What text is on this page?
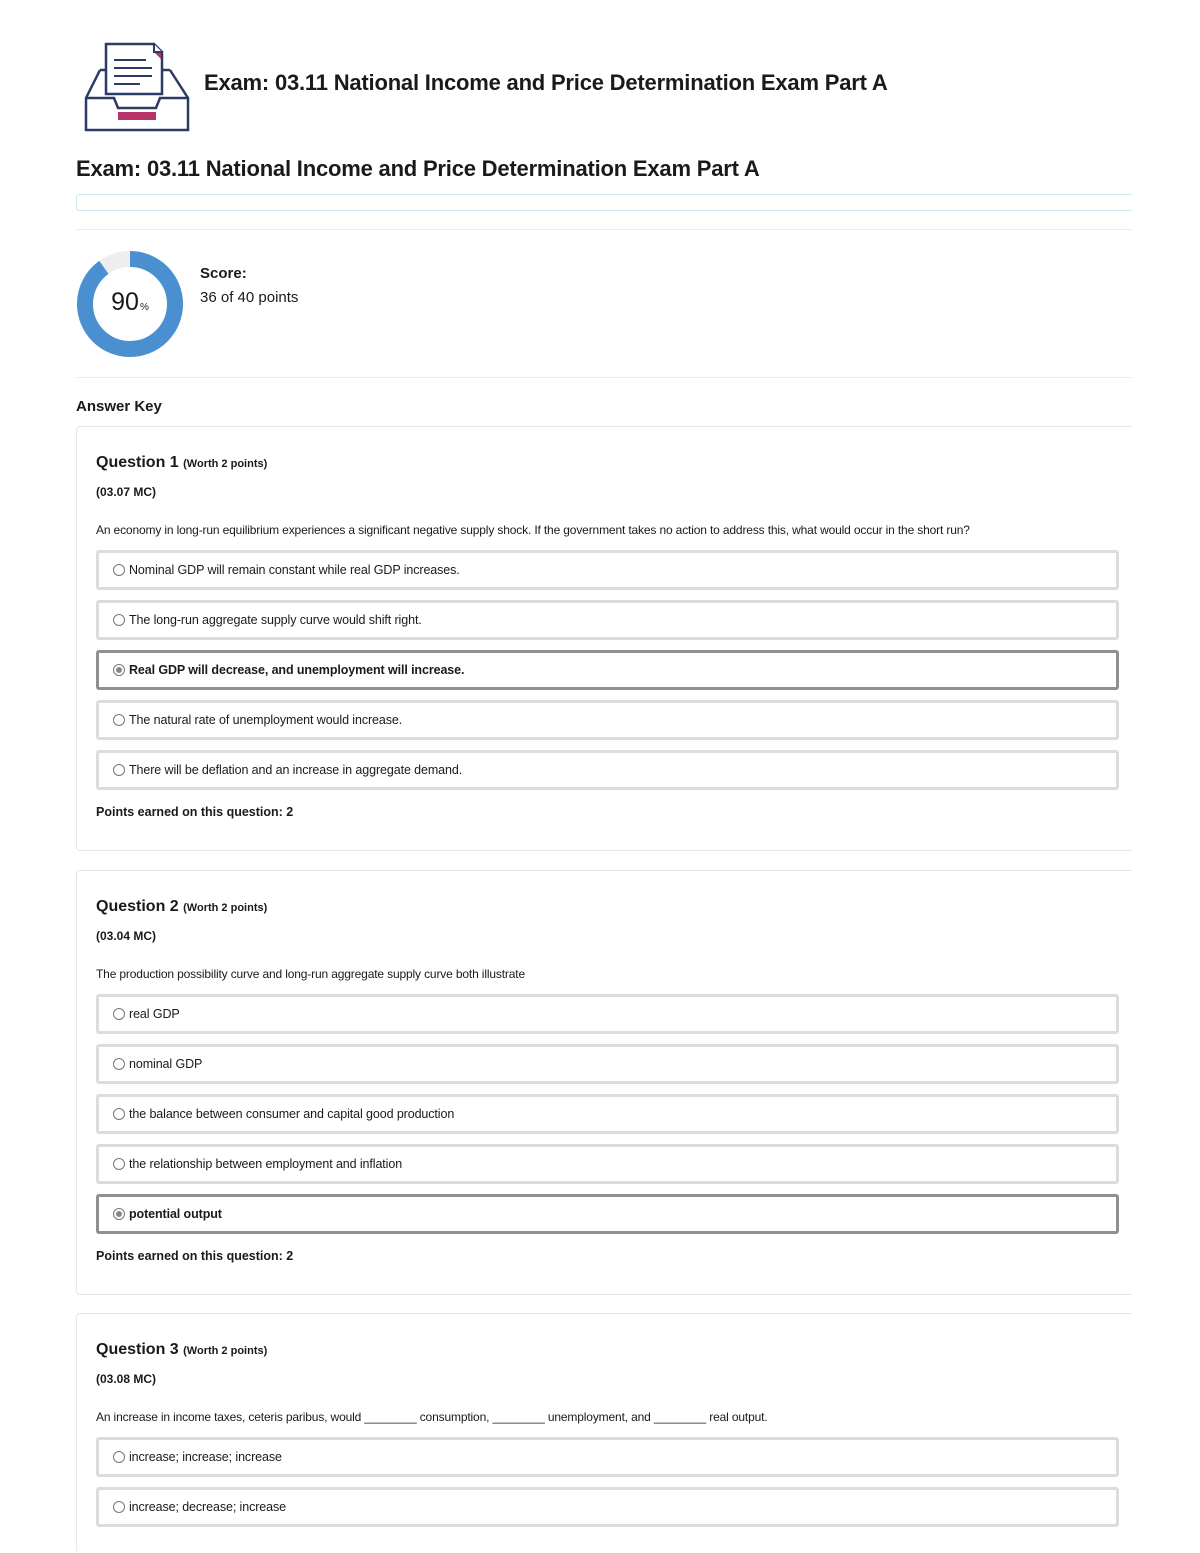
Exam: 03.11 National Income and Price Determination Exam Part A
Exam: 03.11 National Income and Price Determination Exam Part A
90%
Score:
36 of 40 points
Answer Key
Question 1 (Worth 2 points)
(03.07 MC)
An economy in long-run equilibrium experiences a significant negative supply shock. If the government takes no action to address this, what would occur in the short run?
Nominal GDP will remain constant while real GDP increases.
The long-run aggregate supply curve would shift right.
Real GDP will decrease, and unemployment will increase.
The natural rate of unemployment would increase.
There will be deflation and an increase in aggregate demand.
Points earned on this question: 2
Question 2 (Worth 2 points)
(03.04 MC)
The production possibility curve and long-run aggregate supply curve both illustrate
real GDP
nominal GDP
the balance between consumer and capital good production
the relationship between employment and inflation
potential output
Points earned on this question: 2
Question 3 (Worth 2 points)
(03.08 MC)
An increase in income taxes, ceteris paribus, would ________ consumption, ________ unemployment, and ________ real output.
increase; increase; increase
increase; decrease; increase
